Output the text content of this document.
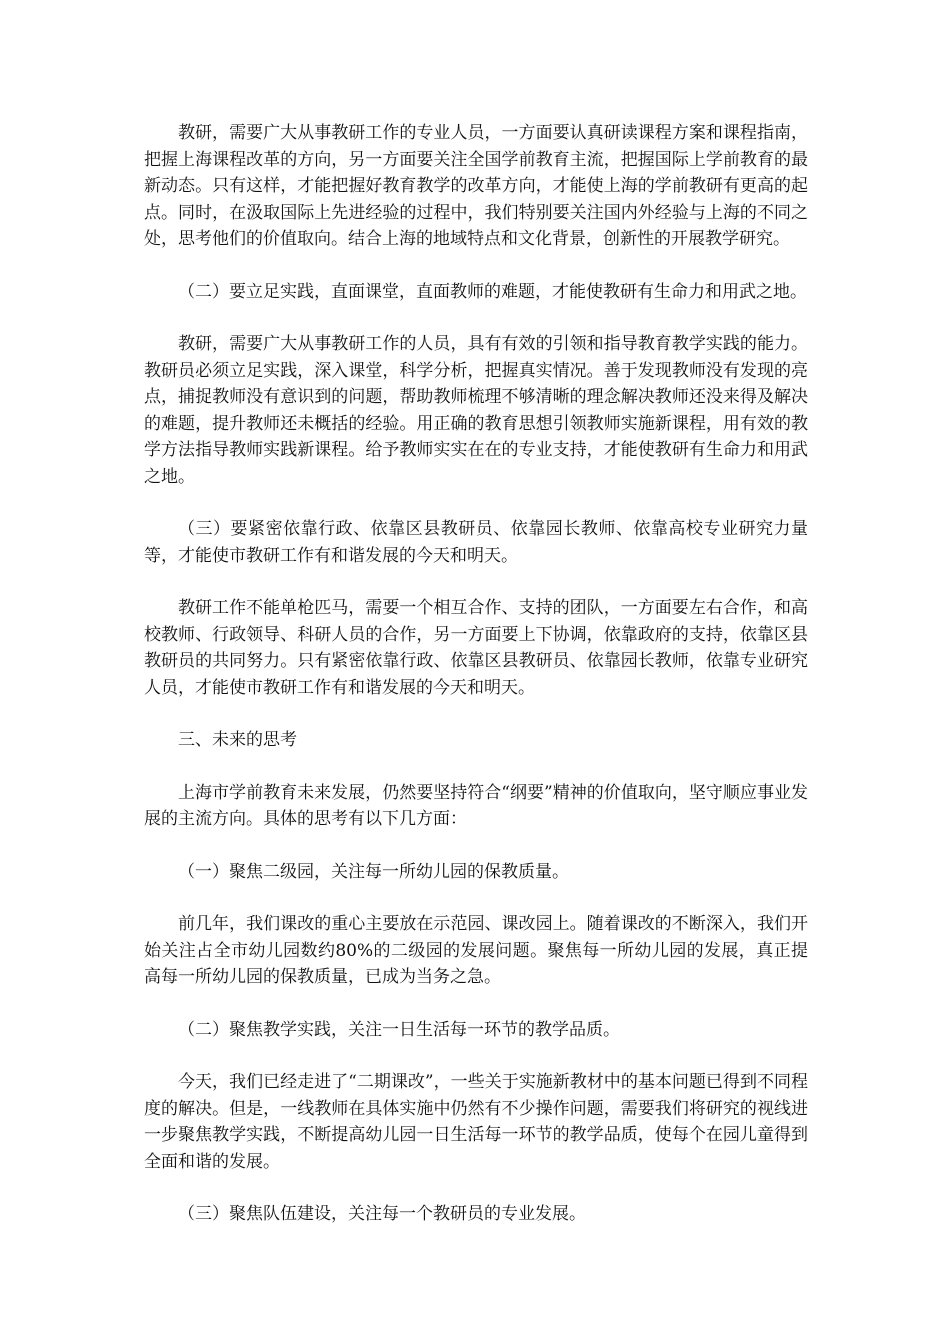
教研，需要广大从事教研工作的专业人员，一方面要认真研读课程方案和课程指南，把握上海课程改革的方向，另一方面要关注全国学前教育主流，把握国际上学前教育的最新动态。只有这样，才能把握好教育教学的改革方向，才能使上海的学前教研有更高的起点。同时，在汲取国际上先进经验的过程中，我们特别要关注国内外经验与上海的不同之处，思考他们的价值取向。结合上海的地域特点和文化背景，创新性的开展教学研究。

（二）要立足实践，直面课堂，直面教师的难题，才能使教研有生命力和用武之地。

教研，需要广大从事教研工作的人员，具有有效的引领和指导教育教学实践的能力。教研员必须立足实践，深入课堂，科学分析，把握真实情况。善于发现教师没有发现的亮点，捕捉教师没有意识到的问题，帮助教师梳理不够清晰的理念解决教师还没来得及解决的难题，提升教师还未概括的经验。用正确的教育思想引领教师实施新课程，用有效的教学方法指导教师实践新课程。给予教师实实在在的专业支持，才能使教研有生命力和用武之地。

（三）要紧密依靠行政、依靠区县教研员、依靠园长教师、依靠高校专业研究力量等，才能使市教研工作有和谐发展的今天和明天。

教研工作不能单枪匹马，需要一个相互合作、支持的团队，一方面要左右合作，和高校教师、行政领导、科研人员的合作，另一方面要上下协调，依靠政府的支持，依靠区县教研员的共同努力。只有紧密依靠行政、依靠区县教研员、依靠园长教师，依靠专业研究人员，才能使市教研工作有和谐发展的今天和明天。

三、未来的思考

上海市学前教育未来发展，仍然要坚持符合“纲要”精神的价值取向，坚守顺应事业发展的主流方向。具体的思考有以下几方面：

（一）聚焦二级园，关注每一所幼儿园的保教质量。

前几年，我们课改的重心主要放在示范园、课改园上。随着课改的不断深入，我们开始关注占全市幼儿园数约80%的二级园的发展问题。聚焦每一所幼儿园的发展，真正提高每一所幼儿园的保教质量，已成为当务之急。

（二）聚焦教学实践，关注一日生活每一环节的教学品质。

今天，我们已经走进了“二期课改”，一些关于实施新教材中的基本问题已得到不同程度的解决。但是，一线教师在具体实施中仍然有不少操作问题，需要我们将研究的视线进一步聚焦教学实践，不断提高幼儿园一日生活每一环节的教学品质，使每个在园儿童得到全面和谐的发展。

（三）聚焦队伍建设，关注每一个教研员的专业发展。
